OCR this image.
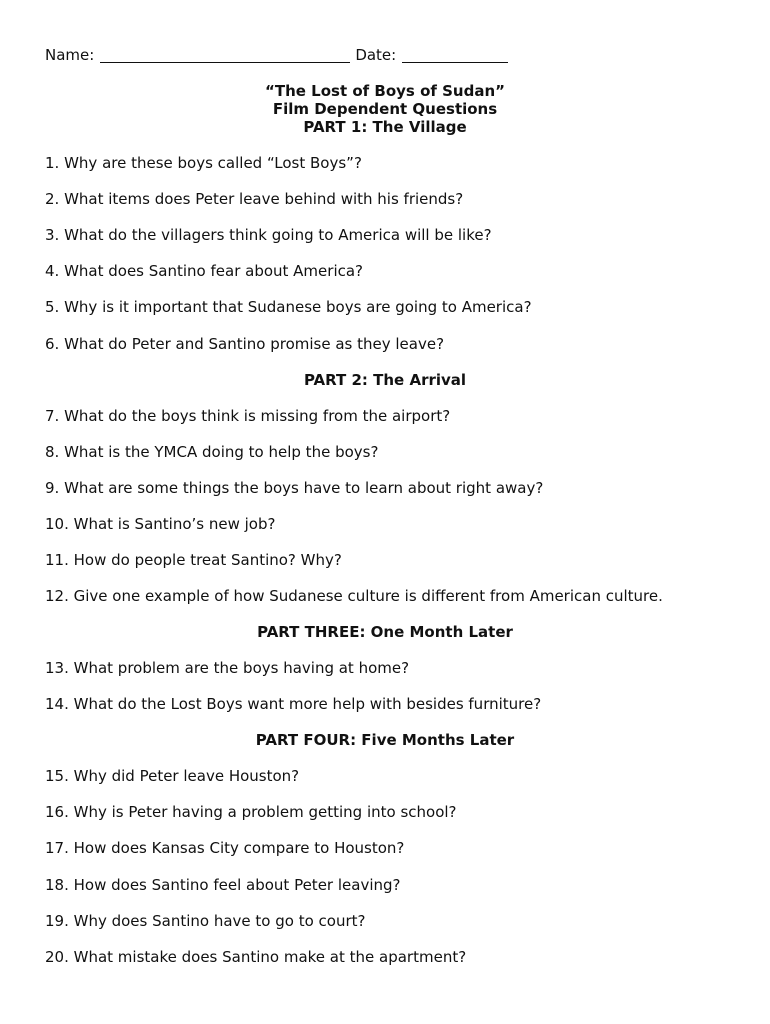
Name:	Date:
“The Lost of Boys of Sudan”
Film Dependent Questions
PART 1: The Village
1. Why are these boys called “Lost Boys”?
2. What items does Peter leave behind with his friends?
3. What do the villagers think going to America will be like?
4. What does Santino fear about America?
5. Why is it important that Sudanese boys are going to America?
6. What do Peter and Santino promise as they leave?
PART 2: The Arrival
7. What do the boys think is missing from the airport?
8. What is the YMCA doing to help the boys?
9. What are some things the boys have to learn about right away?
10. What is Santino’s new job?
11. How do people treat Santino? Why?
12. Give one example of how Sudanese culture is different from American culture.
PART THREE: One Month Later
13. What problem are the boys having at home?
14. What do the Lost Boys want more help with besides furniture?
PART FOUR: Five Months Later
15. Why did Peter leave Houston?
16. Why is Peter having a problem getting into school?
17. How does Kansas City compare to Houston?
18. How does Santino feel about Peter leaving?
19. Why does Santino have to go to court?
20. What mistake does Santino make at the apartment?
